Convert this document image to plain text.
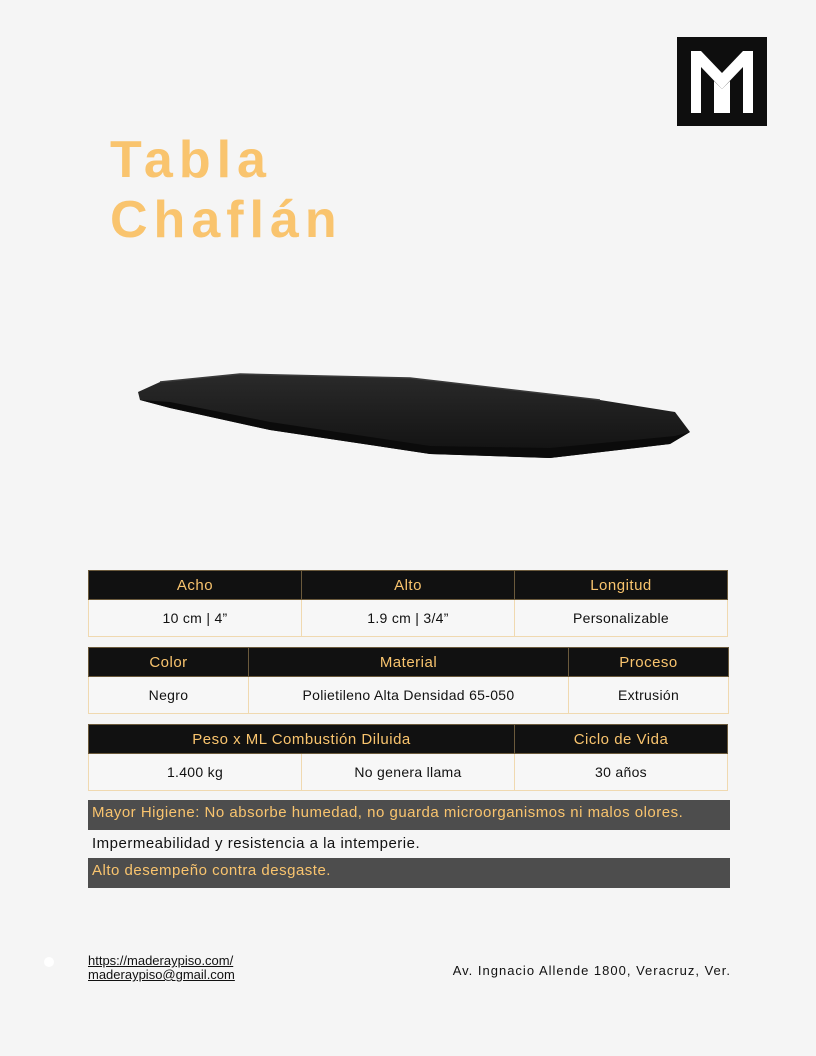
Tabla
Chaflán
Acho	Alto	Longitud
10 cm | 4”	1.9 cm | 3/4”	Personalizable
Color	Material	Proceso
Negro	Polietileno Alta Densidad 65-050	Extrusión
Peso x ML Combustión Diluida		Ciclo de Vida
1.400 kg	No genera llama	30 años
Mayor Higiene: No absorbe humedad, no guarda microorganismos ni malos olores.
Impermeabilidad y resistencia a la intemperie.
Alto desempeño contra desgaste.
https://maderaypiso.com/
maderaypiso@gmail.com	Av. Ingnacio Allende 1800, Veracruz, Ver.
